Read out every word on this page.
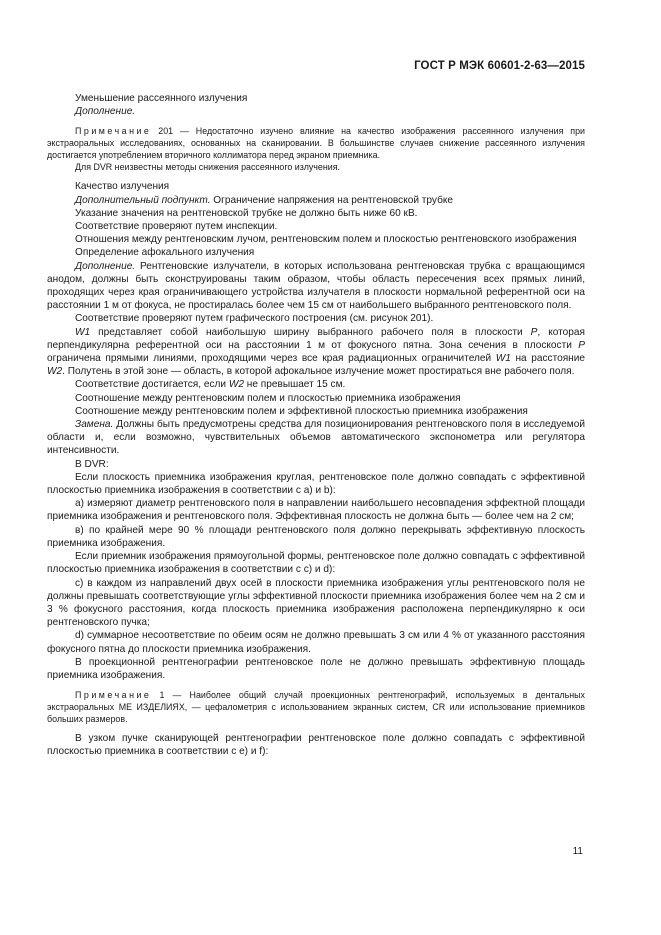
ГОСТ Р МЭК 60601-2-63—2015

Уменьшение рассеянного излучения

Дополнение.

Примечание 201 — Недостаточно изучено влияние на качество изображения рассеянного излучения при экстраоральных исследованиях, основанных на сканировании. В большинстве случаев снижение рассеянного излучения достигается употреблением вторичного коллиматора перед экраном приемника.

Для DVR неизвестны методы снижения рассеянного излучения.

Качество излучения

Дополнительный подпункт. Ограничение напряжения на рентгеновской трубке

Указание значения на рентгеновской трубке не должно быть ниже 60 кВ.

Соответствие проверяют путем инспекции.

Отношения между рентгеновским лучом, рентгеновским полем и плоскостью рентгеновского изображения

Определение афокального излучения

Дополнение. Рентгеновские излучатели, в которых использована рентгеновская трубка с вращающимся анодом, должны быть сконструированы таким образом, чтобы область пересечения всех прямых линий, проходящих через края ограничивающего устройства излучателя в плоскости нормальной референтной оси на расстоянии 1 м от фокуса, не простиралась более чем 15 см от наибольшего выбранного рентгеновского поля.

Соответствие проверяют путем графического построения (см. рисунок 201).

W1 представляет собой наибольшую ширину выбранного рабочего поля в плоскости P, которая перпендикулярна референтной оси на расстоянии 1 м от фокусного пятна. Зона сечения в плоскости P ограничена прямыми линиями, проходящими через все края радиационных ограничителей W1 на расстояние W2. Полутень в этой зоне — область, в которой афокальное излучение может простираться вне рабочего поля.

Соответствие достигается, если W2 не превышает 15 см.

Соотношение между рентгеновским полем и плоскостью приемника изображения

Соотношение между рентгеновским полем и эффективной плоскостью приемника изображения

Замена. Должны быть предусмотрены средства для позиционирования рентгеновского поля в исследуемой области и, если возможно, чувствительных объемов автоматического экспонометра или регулятора интенсивности.

В DVR:

Если плоскость приемника изображения круглая, рентгеновское поле должно совпадать с эффективной плоскостью приемника изображения в соответствии с а) и b):

а) измеряют диаметр рентгеновского поля в направлении наибольшего несовпадения эффектной площади приемника изображения и рентгеновского поля. Эффективная плоскость не должна быть — более чем на 2 см;

в) по крайней мере 90 % площади рентгеновского поля должно перекрывать эффективную плоскость приемника изображения.

Если приемник изображения прямоугольной формы, рентгеновское поле должно совпадать с эффективной плоскостью приемника изображения в соответствии с с) и d):

с) в каждом из направлений двух осей в плоскости приемника изображения углы рентгеновского поля не должны превышать соответствующие углы эффективной плоскости приемника изображения более чем на 2 см и 3 % фокусного расстояния, когда плоскость приемника изображения расположена перпендикулярно к оси рентгеновского пучка;

d) суммарное несоответствие по обеим осям не должно превышать 3 см или 4 % от указанного расстояния фокусного пятна до плоскости приемника изображения.

В проекционной рентгенографии рентгеновское поле не должно превышать эффективную площадь приемника изображения.

Примечание 1 — Наиболее общий случай проекционных рентгенографий, используемых в дентальных экстраоральных МЕ ИЗДЕЛИЯХ, — цефалометрия с использованием экранных систем, CR или использование приемников больших размеров.

В узком пучке сканирующей рентгенографии рентгеновское поле должно совпадать с эффективной плоскостью приемника в соответствии с е) и f):

11
